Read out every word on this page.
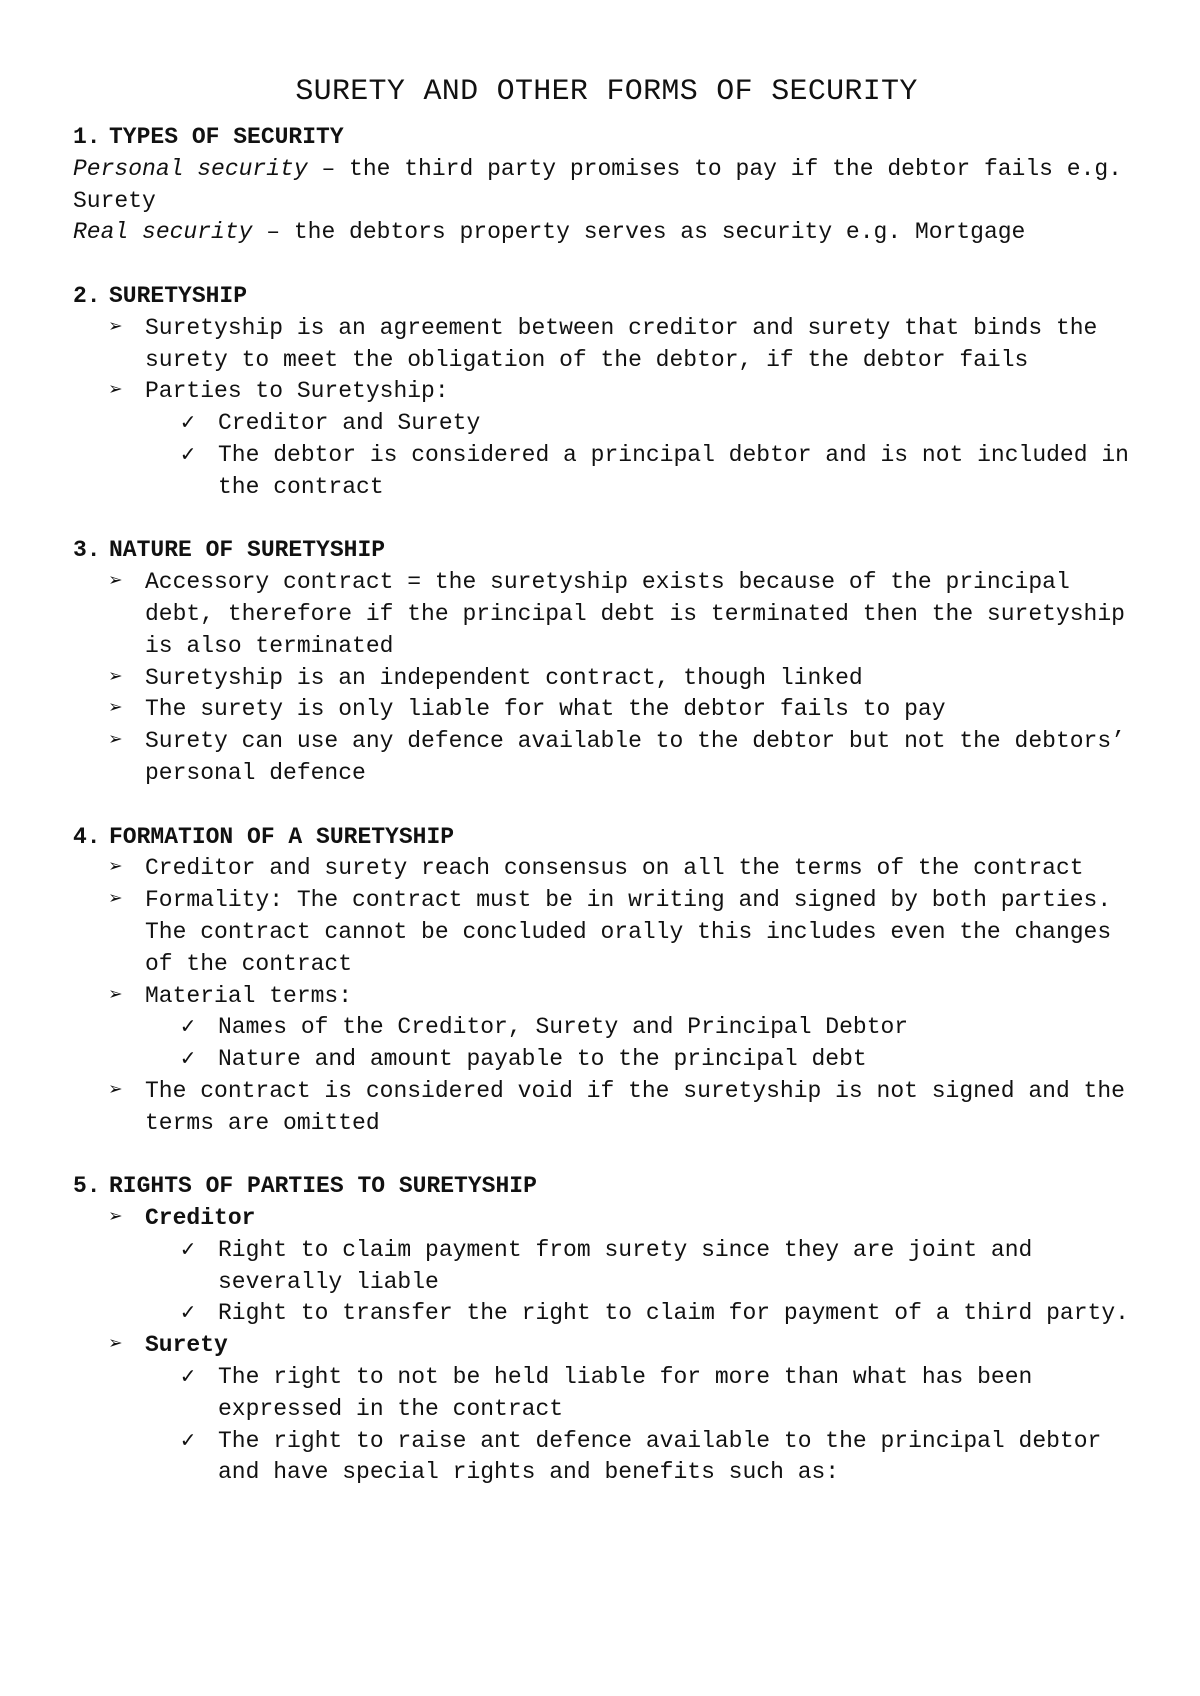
SURETY AND OTHER FORMS OF SECURITY
1. TYPES OF SECURITY
Personal security – the third party promises to pay if the debtor fails e.g. Surety
Real security – the debtors property serves as security e.g. Mortgage
2. SURETYSHIP
➢ Suretyship is an agreement between creditor and surety that binds the surety to meet the obligation of the debtor, if the debtor fails
➢ Parties to Suretyship:
✓ Creditor and Surety
✓ The debtor is considered a principal debtor and is not included in the contract
3. NATURE OF SURETYSHIP
➢ Accessory contract = the suretyship exists because of the principal debt, therefore if the principal debt is terminated then the suretyship is also terminated
➢ Suretyship is an independent contract, though linked
➢ The surety is only liable for what the debtor fails to pay
➢ Surety can use any defence available to the debtor but not the debtors’ personal defence
4. FORMATION OF A SURETYSHIP
➢ Creditor and surety reach consensus on all the terms of the contract
➢ Formality: The contract must be in writing and signed by both parties. The contract cannot be concluded orally this includes even the changes of the contract
➢ Material terms:
✓ Names of the Creditor, Surety and Principal Debtor
✓ Nature and amount payable to the principal debt
➢ The contract is considered void if the suretyship is not signed and the terms are omitted
5. RIGHTS OF PARTIES TO SURETYSHIP
➢ Creditor
✓ Right to claim payment from surety since they are joint and severally liable
✓ Right to transfer the right to claim for payment of a third party.
➢ Surety
✓ The right to not be held liable for more than what has been expressed in the contract
✓ The right to raise ant defence available to the principal debtor and have special rights and benefits such as:
